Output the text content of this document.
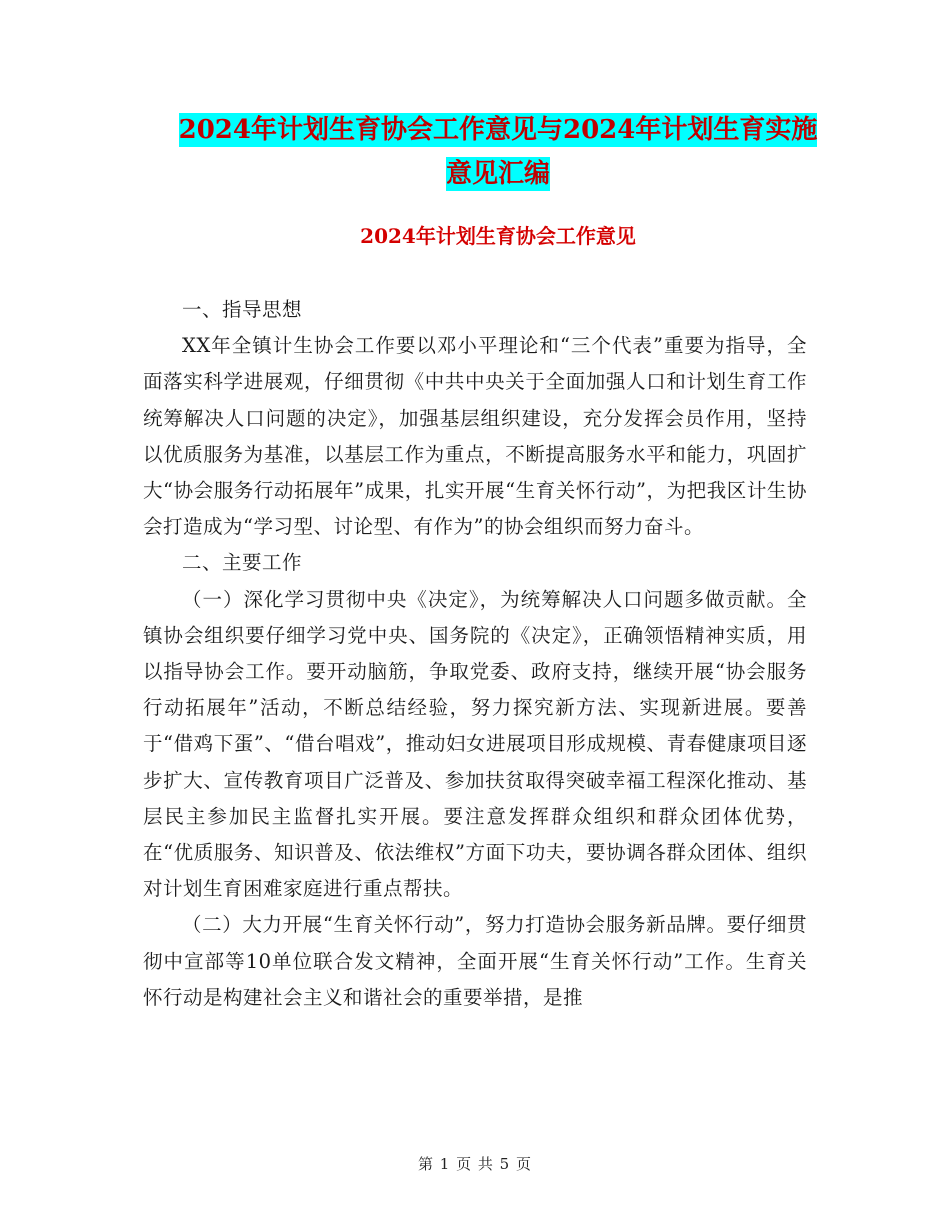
2024年计划生育协会工作意见与2024年计划生育实施
意见汇编
2024年计划生育协会工作意见

一、指导思想

XX年全镇计生协会工作要以邓小平理论和“三个代表”重要为指导，全面落实科学进展观，仔细贯彻《中共中央关于全面加强人口和计划生育工作统筹解决人口问题的决定》，加强基层组织建设，充分发挥会员作用，坚持以优质服务为基准，以基层工作为重点，不断提高服务水平和能力，巩固扩大“协会服务行动拓展年”成果，扎实开展“生育关怀行动”，为把我区计生协会打造成为“学习型、讨论型、有作为”的协会组织而努力奋斗。

二、主要工作

（一）深化学习贯彻中央《决定》，为统筹解决人口问题多做贡献。全镇协会组织要仔细学习党中央、国务院的《决定》，正确领悟精神实质，用以指导协会工作。要开动脑筋，争取党委、政府支持，继续开展“协会服务行动拓展年”活动，不断总结经验，努力探究新方法、实现新进展。要善于“借鸡下蛋”、“借台唱戏”，推动妇女进展项目形成规模、青春健康项目逐步扩大、宣传教育项目广泛普及、参加扶贫取得突破幸福工程深化推动、基层民主参加民主监督扎实开展。要注意发挥群众组织和群众团体优势，在“优质服务、知识普及、依法维权”方面下功夫，要协调各群众团体、组织对计划生育困难家庭进行重点帮扶。

（二）大力开展“生育关怀行动”，努力打造协会服务新品牌。要仔细贯彻中宣部等10单位联合发文精神，全面开展“生育关怀行动”工作。生育关怀行动是构建社会主义和谐社会的重要举措，是推

第 1 页 共 5 页
